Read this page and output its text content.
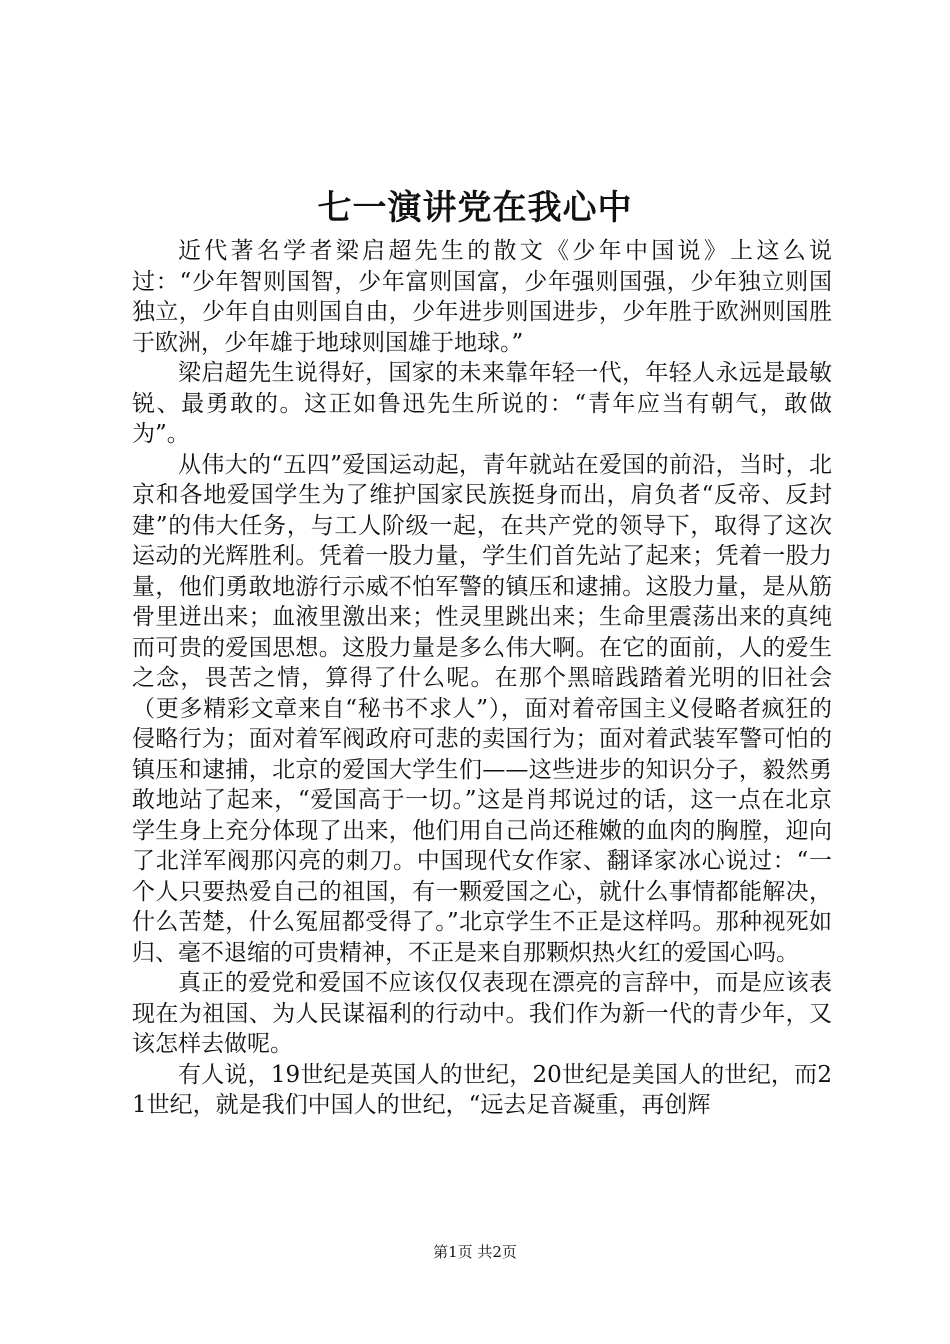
七一演讲党在我心中

近代著名学者梁启超先生的散文《少年中国说》上这么说过：“少年智则国智，少年富则国富，少年强则国强，少年独立则国独立，少年自由则国自由，少年进步则国进步，少年胜于欧洲则国胜于欧洲，少年雄于地球则国雄于地球。”

梁启超先生说得好，国家的未来靠年轻一代，年轻人永远是最敏锐、最勇敢的。这正如鲁迅先生所说的：“青年应当有朝气，敢做为”。

从伟大的“五四”爱国运动起，青年就站在爱国的前沿，当时，北京和各地爱国学生为了维护国家民族挺身而出，肩负者“反帝、反封建”的伟大任务，与工人阶级一起，在共产党的领导下，取得了这次运动的光辉胜利。凭着一股力量，学生们首先站了起来；凭着一股力量，他们勇敢地游行示威不怕军警的镇压和逮捕。这股力量，是从筋骨里迸出来；血液里激出来；性灵里跳出来；生命里震荡出来的真纯而可贵的爱国思想。这股力量是多么伟大啊。在它的面前，人的爱生之念，畏苦之情，算得了什么呢。在那个黑暗践踏着光明的旧社会（更多精彩文章来自“秘书不求人”），面对着帝国主义侵略者疯狂的侵略行为；面对着军阀政府可悲的卖国行为；面对着武装军警可怕的镇压和逮捕，北京的爱国大学生们——这些进步的知识分子，毅然勇敢地站了起来，“爱国高于一切。”这是肖邦说过的话，这一点在北京学生身上充分体现了出来，他们用自己尚还稚嫩的血肉的胸膛，迎向了北洋军阀那闪亮的刺刀。中国现代女作家、翻译家冰心说过：“一个人只要热爱自己的祖国，有一颗爱国之心，就什么事情都能解决，什么苦楚，什么冤屈都受得了。”北京学生不正是这样吗。那种视死如归、毫不退缩的可贵精神，不正是来自那颗炽热火红的爱国心吗。

真正的爱党和爱国不应该仅仅表现在漂亮的言辞中，而是应该表现在为祖国、为人民谋福利的行动中。我们作为新一代的青少年，又该怎样去做呢。

有人说，19世纪是英国人的世纪，20世纪是美国人的世纪，而21世纪，就是我们中国人的世纪，“远去足音凝重，再创辉

第1页 共2页
